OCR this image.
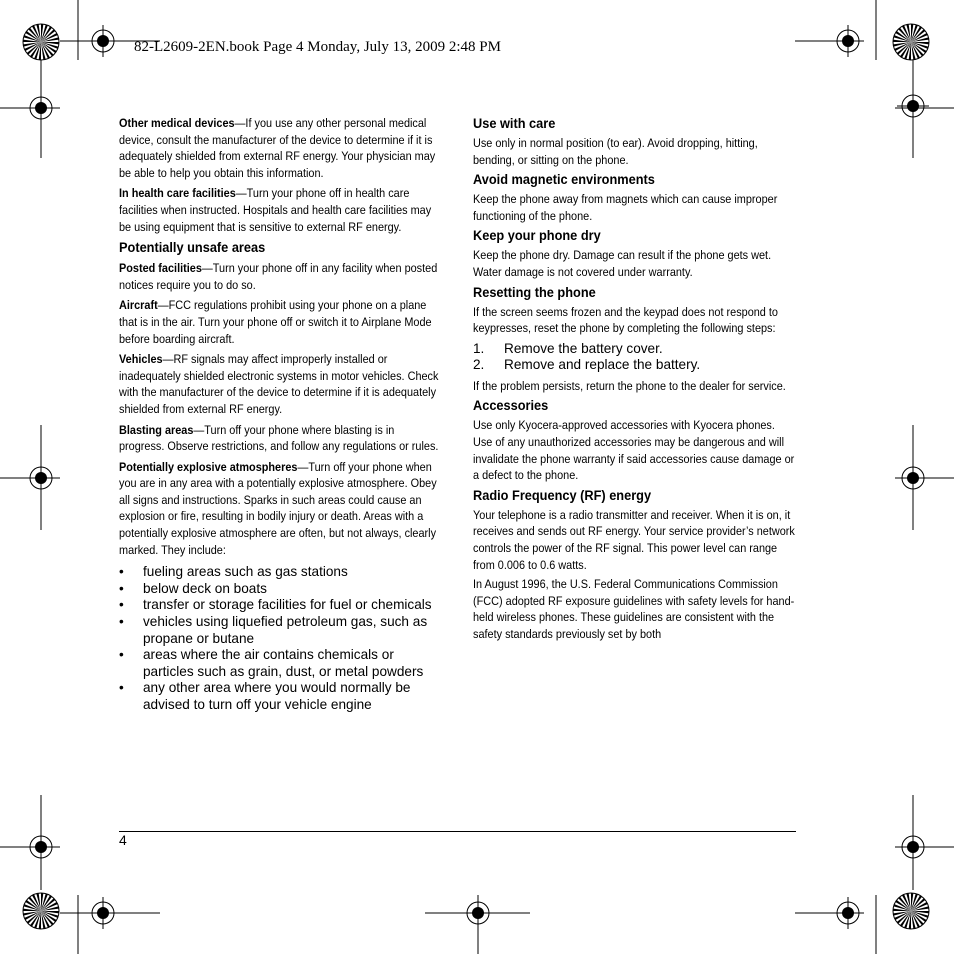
82-L2609-2EN.book Page 4 Monday, July 13, 2009 2:48 PM

Other medical devices—If you use any other personal medical device, consult the manufacturer of the device to determine if it is adequately shielded from external RF energy. Your physician may be able to help you obtain this information.

In health care facilities—Turn your phone off in health care facilities when instructed. Hospitals and health care facilities may be using equipment that is sensitive to external RF energy.

Potentially unsafe areas

Posted facilities—Turn your phone off in any facility when posted notices require you to do so.

Aircraft—FCC regulations prohibit using your phone on a plane that is in the air. Turn your phone off or switch it to Airplane Mode before boarding aircraft.

Vehicles—RF signals may affect improperly installed or inadequately shielded electronic systems in motor vehicles. Check with the manufacturer of the device to determine if it is adequately shielded from external RF energy.

Blasting areas—Turn off your phone where blasting is in progress. Observe restrictions, and follow any regulations or rules.

Potentially explosive atmospheres—Turn off your phone when you are in any area with a potentially explosive atmosphere. Obey all signs and instructions. Sparks in such areas could cause an explosion or fire, resulting in bodily injury or death. Areas with a potentially explosive atmosphere are often, but not always, clearly marked. They include:

• fueling areas such as gas stations
• below deck on boats
• transfer or storage facilities for fuel or chemicals
• vehicles using liquefied petroleum gas, such as propane or butane
• areas where the air contains chemicals or particles such as grain, dust, or metal powders
• any other area where you would normally be advised to turn off your vehicle engine
Use with care

Use only in normal position (to ear). Avoid dropping, hitting, bending, or sitting on the phone.

Avoid magnetic environments

Keep the phone away from magnets which can cause improper functioning of the phone.

Keep your phone dry

Keep the phone dry. Damage can result if the phone gets wet. Water damage is not covered under warranty.

Resetting the phone

If the screen seems frozen and the keypad does not respond to keypresses, reset the phone by completing the following steps:

1. Remove the battery cover.
2. Remove and replace the battery.

If the problem persists, return the phone to the dealer for service.

Accessories

Use only Kyocera-approved accessories with Kyocera phones. Use of any unauthorized accessories may be dangerous and will invalidate the phone warranty if said accessories cause damage or a defect to the phone.

Radio Frequency (RF) energy

Your telephone is a radio transmitter and receiver. When it is on, it receives and sends out RF energy. Your service provider’s network controls the power of the RF signal. This power level can range from 0.006 to 0.6 watts.

In August 1996, the U.S. Federal Communications Commission (FCC) adopted RF exposure guidelines with safety levels for hand-held wireless phones. These guidelines are consistent with the safety standards previously set by both

4
